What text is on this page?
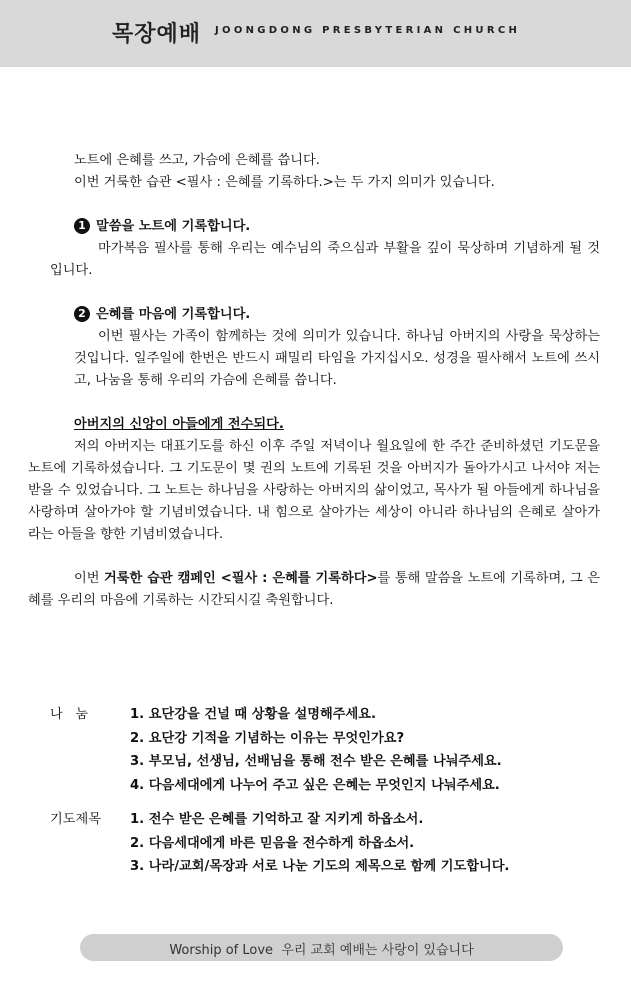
목장예배 JOONGDONG PRESBYTERIAN CHURCH

노트에 은혜를 쓰고, 가슴에 은혜를 씁니다.

이번 거룩한 습관 <필사 : 은혜를 기록하다.>는 두 가지 의미가 있습니다.

1 말씀을 노트에 기록합니다.

마가복음 필사를 통해 우리는 예수님의 죽으심과 부활을 깊이 묵상하며 기념하게 될 것입니다.

2 은혜를 마음에 기록합니다.

이번 필사는 가족이 함께하는 것에 의미가 있습니다. 하나님 아버지의 사랑을 묵상하는 것입니다. 일주일에 한번은 반드시 패밀리 타임을 가지십시오. 성경을 필사해서 노트에 쓰시고, 나눔을 통해 우리의 가슴에 은혜를 씁니다.

아버지의 신앙이 아들에게 전수되다.

저의 아버지는 대표기도를 하신 이후 주일 저녁이나 월요일에 한 주간 준비하셨던 기도문을 노트에 기록하셨습니다. 그 기도문이 몇 권의 노트에 기록된 것을 아버지가 돌아가시고 나서야 저는 받을 수 있었습니다. 그 노트는 하나님을 사랑하는 아버지의 삶이었고, 목사가 될 아들에게 하나님을 사랑하며 살아가야 할 기념비였습니다. 내 힘으로 살아가는 세상이 아니라 하나님의 은혜로 살아가라는 아들을 향한 기념비였습니다.

이번 거룩한 습관 캠페인 <필사 : 은혜를 기록하다>를 통해 말씀을 노트에 기록하며, 그 은혜를 우리의 마음에 기록하는 시간되시길 축원합니다.

나   눔	1. 요단강을 건널 때 상황을 설명해주세요.
2. 요단강 기적을 기념하는 이유는 무엇인가요?
3. 부모님, 선생님, 선배님을 통해 전수 받은 은혜를 나눠주세요.
4. 다음세대에게 나누어 주고 싶은 은혜는 무엇인지 나눠주세요.
기도제목	1. 전수 받은 은혜를 기억하고 잘 지키게 하옵소서.
2. 다음세대에게 바른 믿음을 전수하게 하옵소서.
3. 나라/교회/목장과 서로 나눈 기도의 제목으로 함께 기도합니다.
Worship of Love  우리 교회 예배는 사랑이 있습니다
